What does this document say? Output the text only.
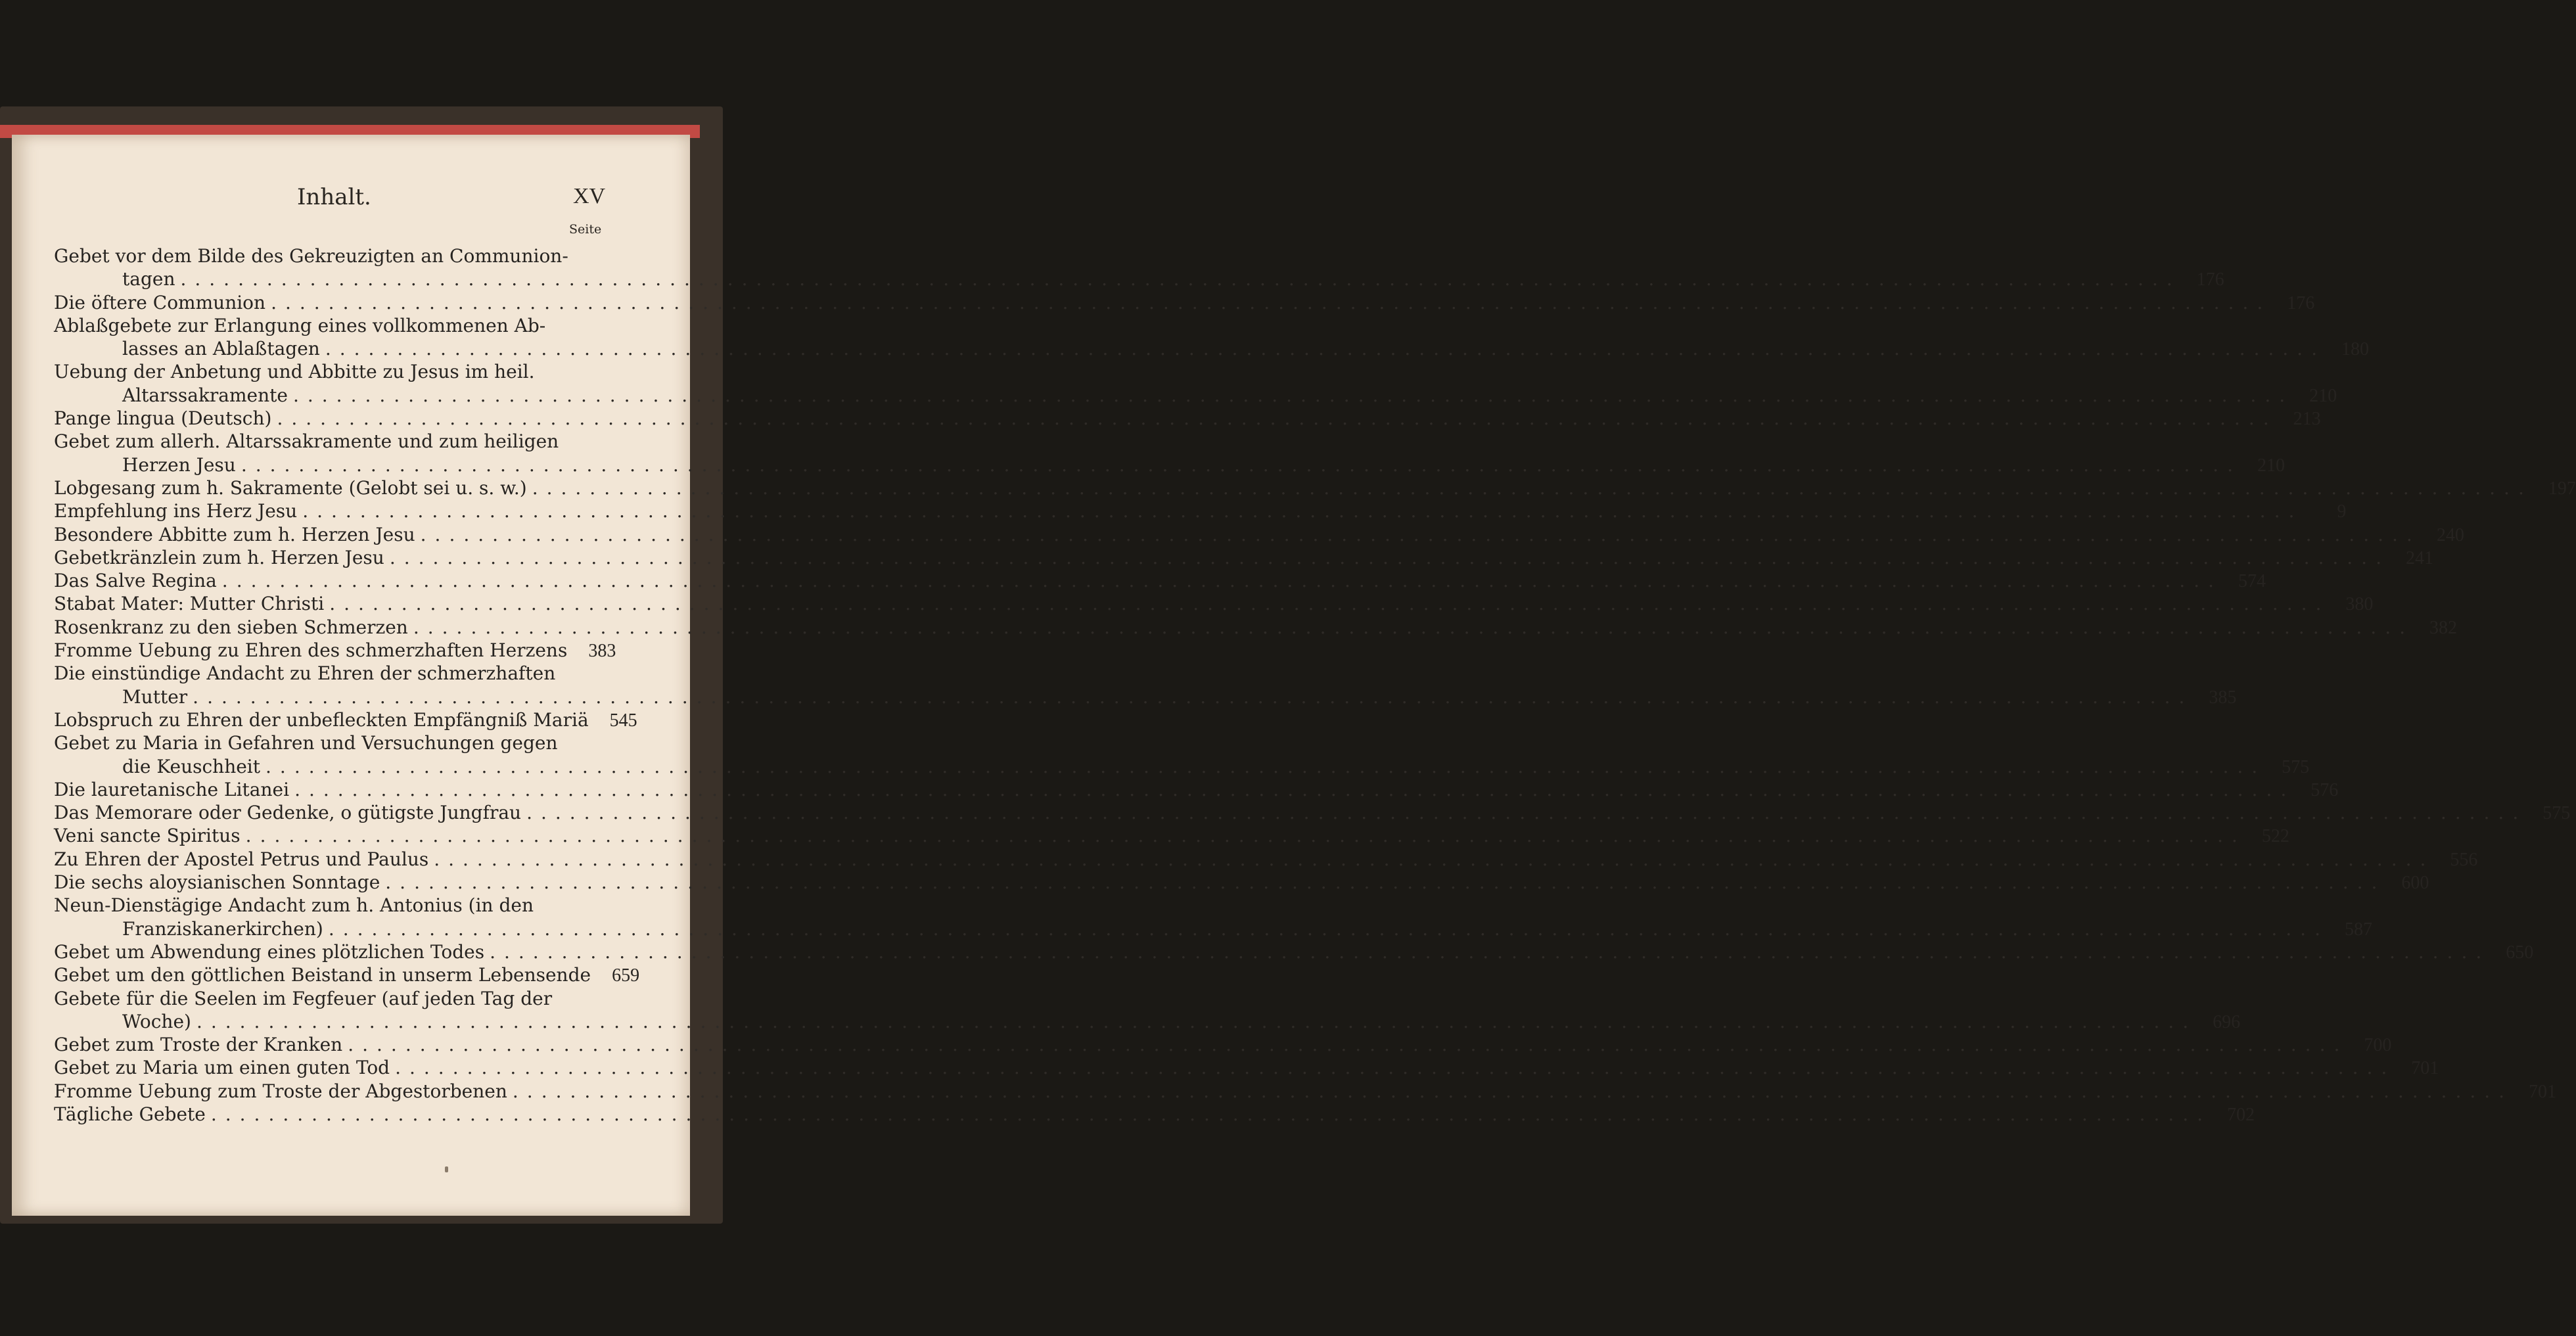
Inhalt.	XV
Seite
Gebet vor dem Bilde des Gekreuzigten an Communion-
tagen .....	176
Die öftere Communion .....	176
Ablaßgebete zur Erlangung eines vollkommenen Ab-
lasses an Ablaßtagen .....	180
Uebung der Anbetung und Abbitte zu Jesus im heil.
Altarssakramente .....	210
Pange lingua (Deutsch) .....	213
Gebet zum allerh. Altarssakramente und zum heiligen
Herzen Jesu .....	210
Lobgesang zum h. Sakramente (Gelobt sei u. s. w.) .....	197
Empfehlung ins Herz Jesu .....	9
Besondere Abbitte zum h. Herzen Jesu .....	240
Gebetkränzlein zum h. Herzen Jesu .....	241
Das Salve Regina .....	574
Stabat Mater: Mutter Christi .....	380
Rosenkranz zu den sieben Schmerzen .....	382
Fromme Uebung zu Ehren des schmerzhaften Herzens	383
Die einstündige Andacht zu Ehren der schmerzhaften
Mutter .....	385
Lobspruch zu Ehren der unbefleckten Empfängniß Mariä	545
Gebet zu Maria in Gefahren und Versuchungen gegen
die Keuschheit .....	575
Die lauretanische Litanei .....	576
Das Memorare oder Gedenke, o gütigste Jungfrau .....	575
Veni sancte Spiritus .....	522
Zu Ehren der Apostel Petrus und Paulus .....	556
Die sechs aloysianischen Sonntage .....	600
Neun-Dienstägige Andacht zum h. Antonius (in den
Franziskanerkirchen) .....	587
Gebet um Abwendung eines plötzlichen Todes .....	650
Gebet um den göttlichen Beistand in unserm Lebensende	659
Gebete für die Seelen im Fegfeuer (auf jeden Tag der
Woche) .....	696
Gebet zum Troste der Kranken .....	700
Gebet zu Maria um einen guten Tod .....	701
Fromme Uebung zum Troste der Abgestorbenen .....	701
Tägliche Gebete .....	702
